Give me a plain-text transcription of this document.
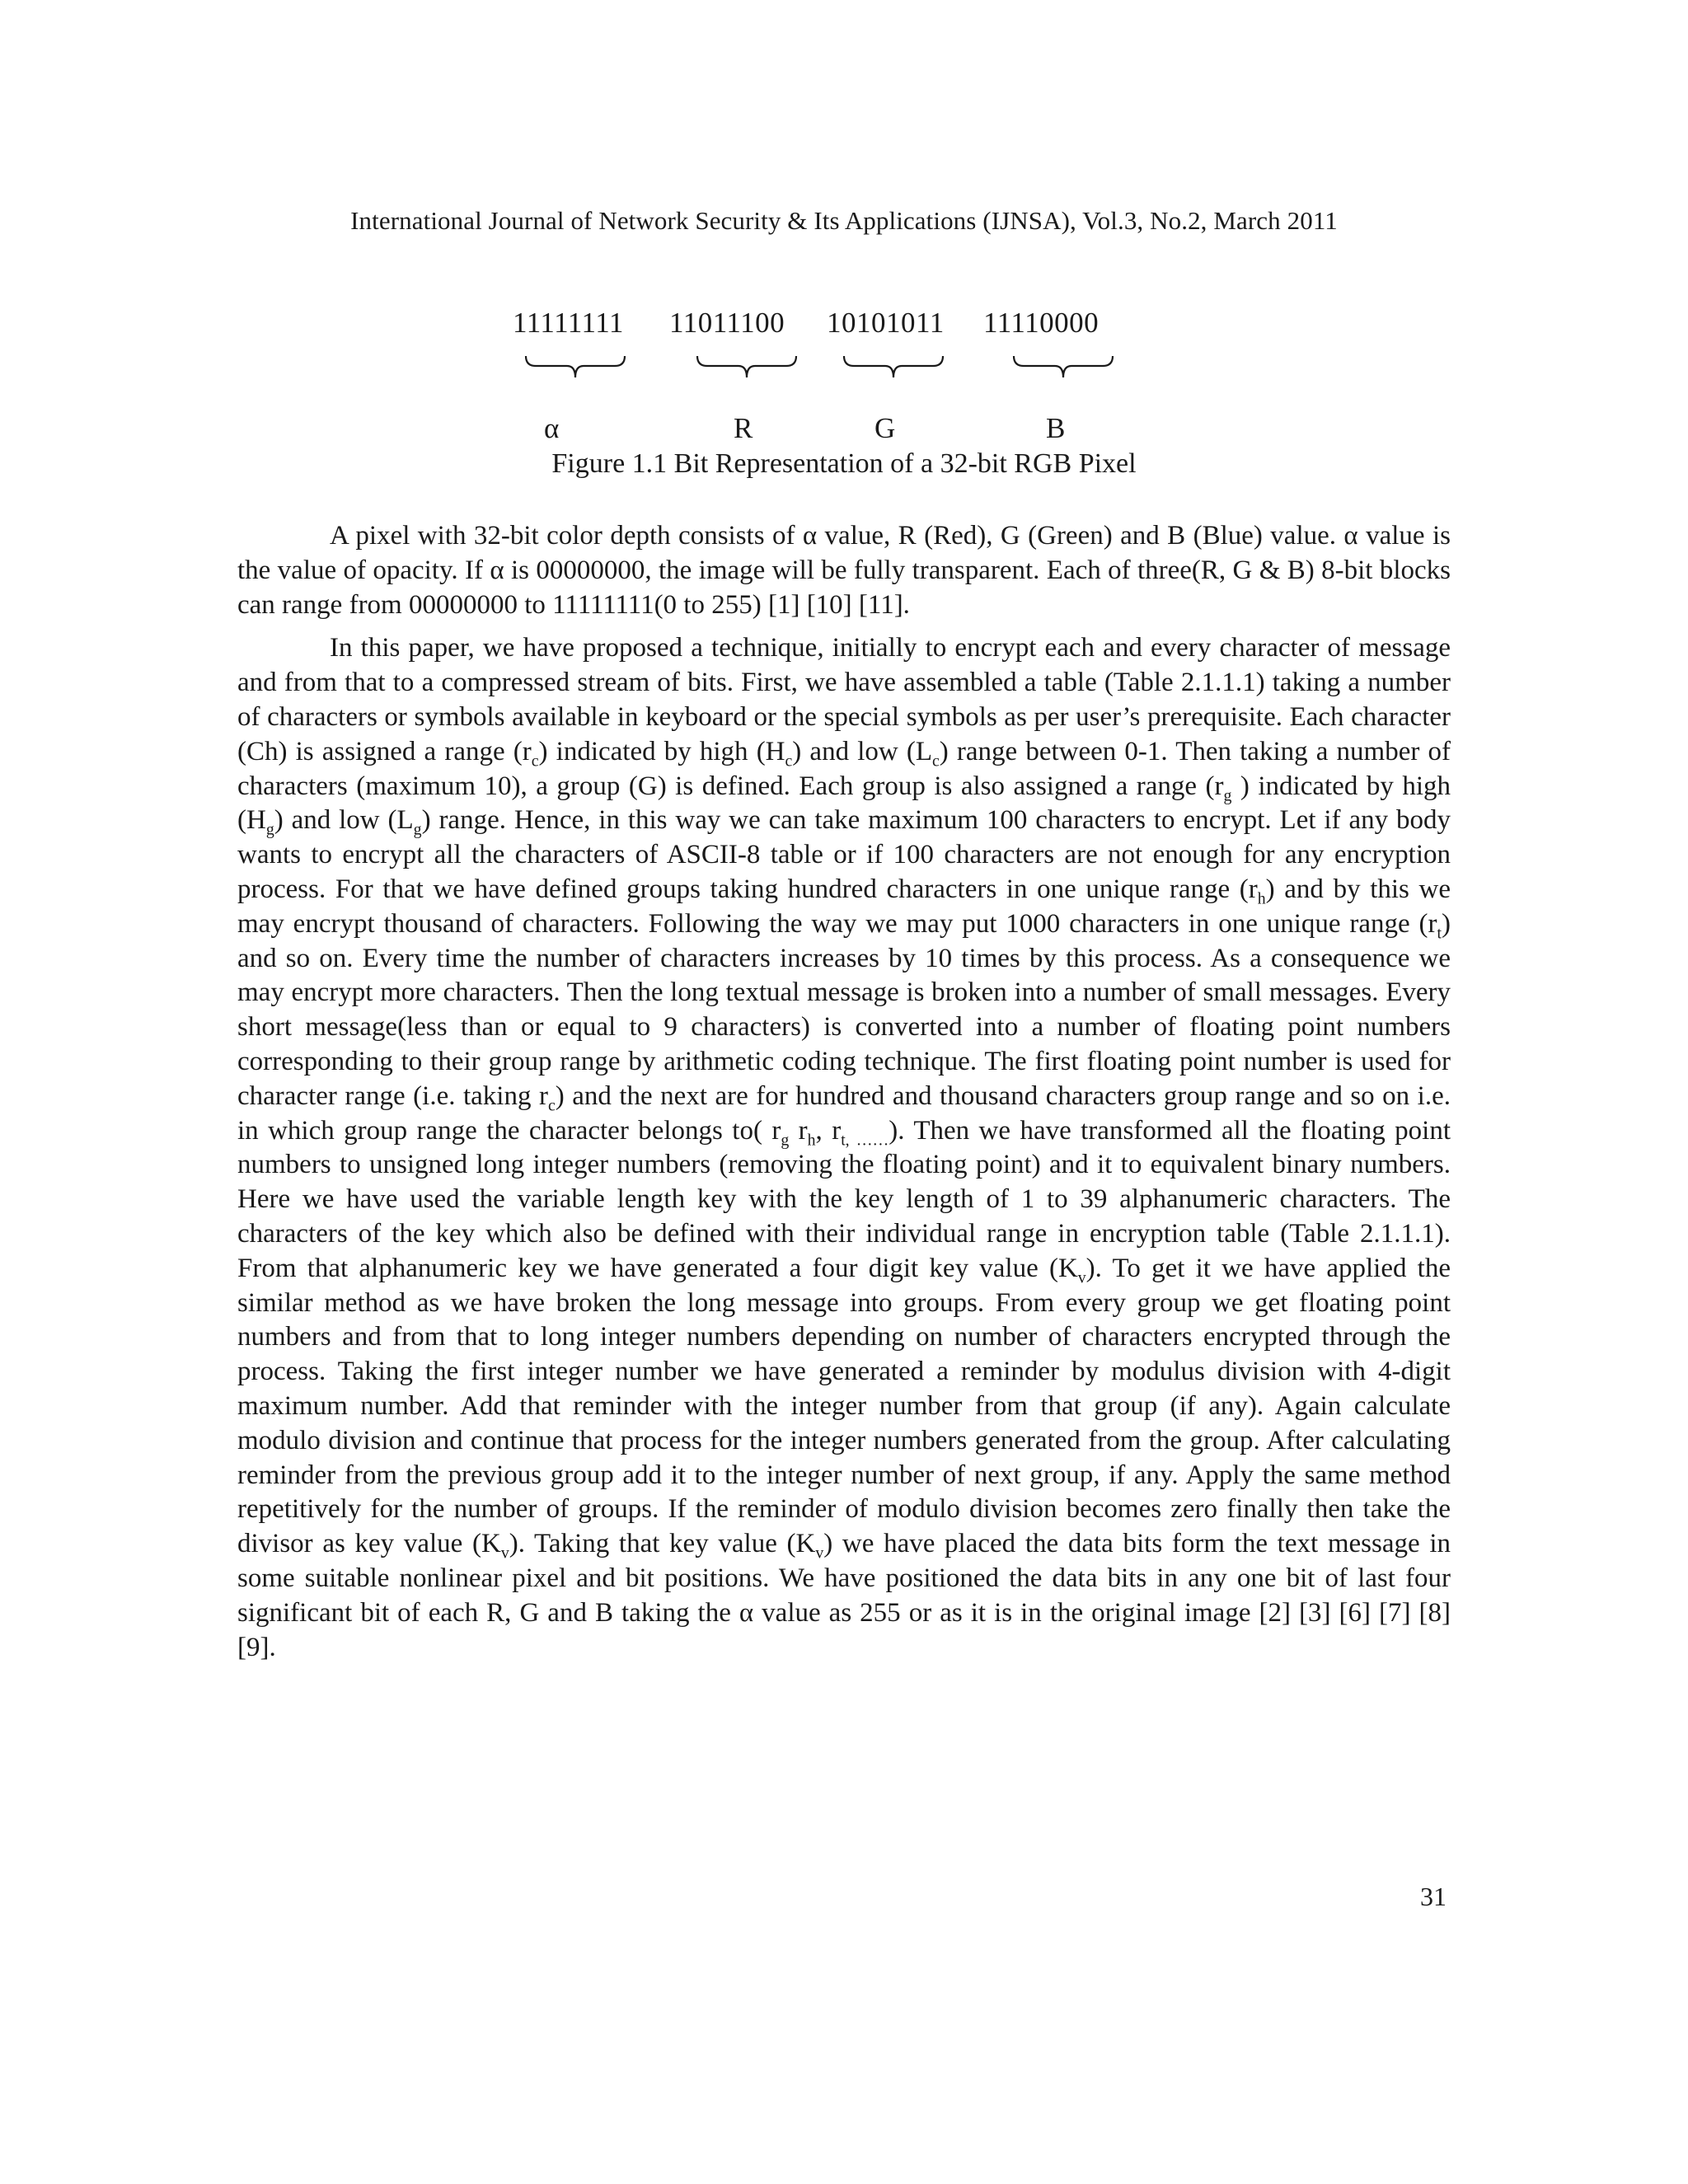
International Journal of Network Security & Its Applications (IJNSA), Vol.3, No.2, March 2011
11111111 11011100 10101011 11110000
α	R	G	B
Figure 1.1 Bit Representation of a 32-bit RGB Pixel

A pixel with 32-bit color depth consists of α value, R (Red), G (Green) and B (Blue) value. α value is the value of opacity. If α is 00000000, the image will be fully transparent. Each of three(R, G & B) 8-bit blocks can range from 00000000 to 11111111(0 to 255) [1] [10] [11].

In this paper, we have proposed a technique, initially to encrypt each and every character of message and from that to a compressed stream of bits. First, we have assembled a table (Table 2.1.1.1) taking a number of characters or symbols available in keyboard or the special symbols as per user’s prerequisite. Each character (Ch) is assigned a range $(r_c)$ indicated by high $(H_c)$ and low $(L_c)$ range between 0-1. Then taking a number of characters (maximum 10), a group (G) is defined. Each group is also assigned a range ($r_g$ ) indicated by high $(H_g)$ and low $(L_g)$ range. Hence, in this way we can take maximum 100 characters to encrypt. Let if any body wants to encrypt all the characters of ASCII-8 table or if 100 characters are not enough for any encryption process. For that we have defined groups taking hundred characters in one unique range $(r_h)$ and by this we may encrypt thousand of characters. Following the way we may put 1000 characters in one unique range $(r_t)$ and so on. Every time the number of characters increases by 10 times by this process. As a consequence we may encrypt more characters. Then the long textual message is broken into a number of small messages. Every short message(less than or equal to 9 characters) is converted into a number of floating point numbers corresponding to their group range by arithmetic coding technique. The first floating point number is used for character range (i.e. taking $r_c$) and the next are for hundred and thousand characters group range and so on i.e. in which group range the character belongs to( $r_g$ $r_h$, $r_{t, \dots\dots}$). Then we have transformed all the floating point numbers to unsigned long integer numbers (removing the floating point) and it to equivalent binary numbers. Here we have used the variable length key with the key length of 1 to 39 alphanumeric characters. The characters of the key which also be defined with their individual range in encryption table (Table 2.1.1.1). From that alphanumeric key we have generated a four digit key value $(K_v)$. To get it we have applied the similar method as we have broken the long message into groups. From every group we get floating point numbers and from that to long integer numbers depending on number of characters encrypted through the process. Taking the first integer number we have generated a reminder by modulus division with 4-digit maximum number. Add that reminder with the integer number from that group (if any). Again calculate modulo division and continue that process for the integer numbers generated from the group. After calculating reminder from the previous group add it to the integer number of next group, if any. Apply the same method repetitively for the number of groups. If the reminder of modulo division becomes zero finally then take the divisor as key value $(K_v)$. Taking that key value $(K_v)$ we have placed the data bits form the text message in some suitable nonlinear pixel and bit positions. We have positioned the data bits in any one bit of last four significant bit of each R, G and B taking the α value as 255 or as it is in the original image [2] [3] [6] [7] [8] [9].

31
